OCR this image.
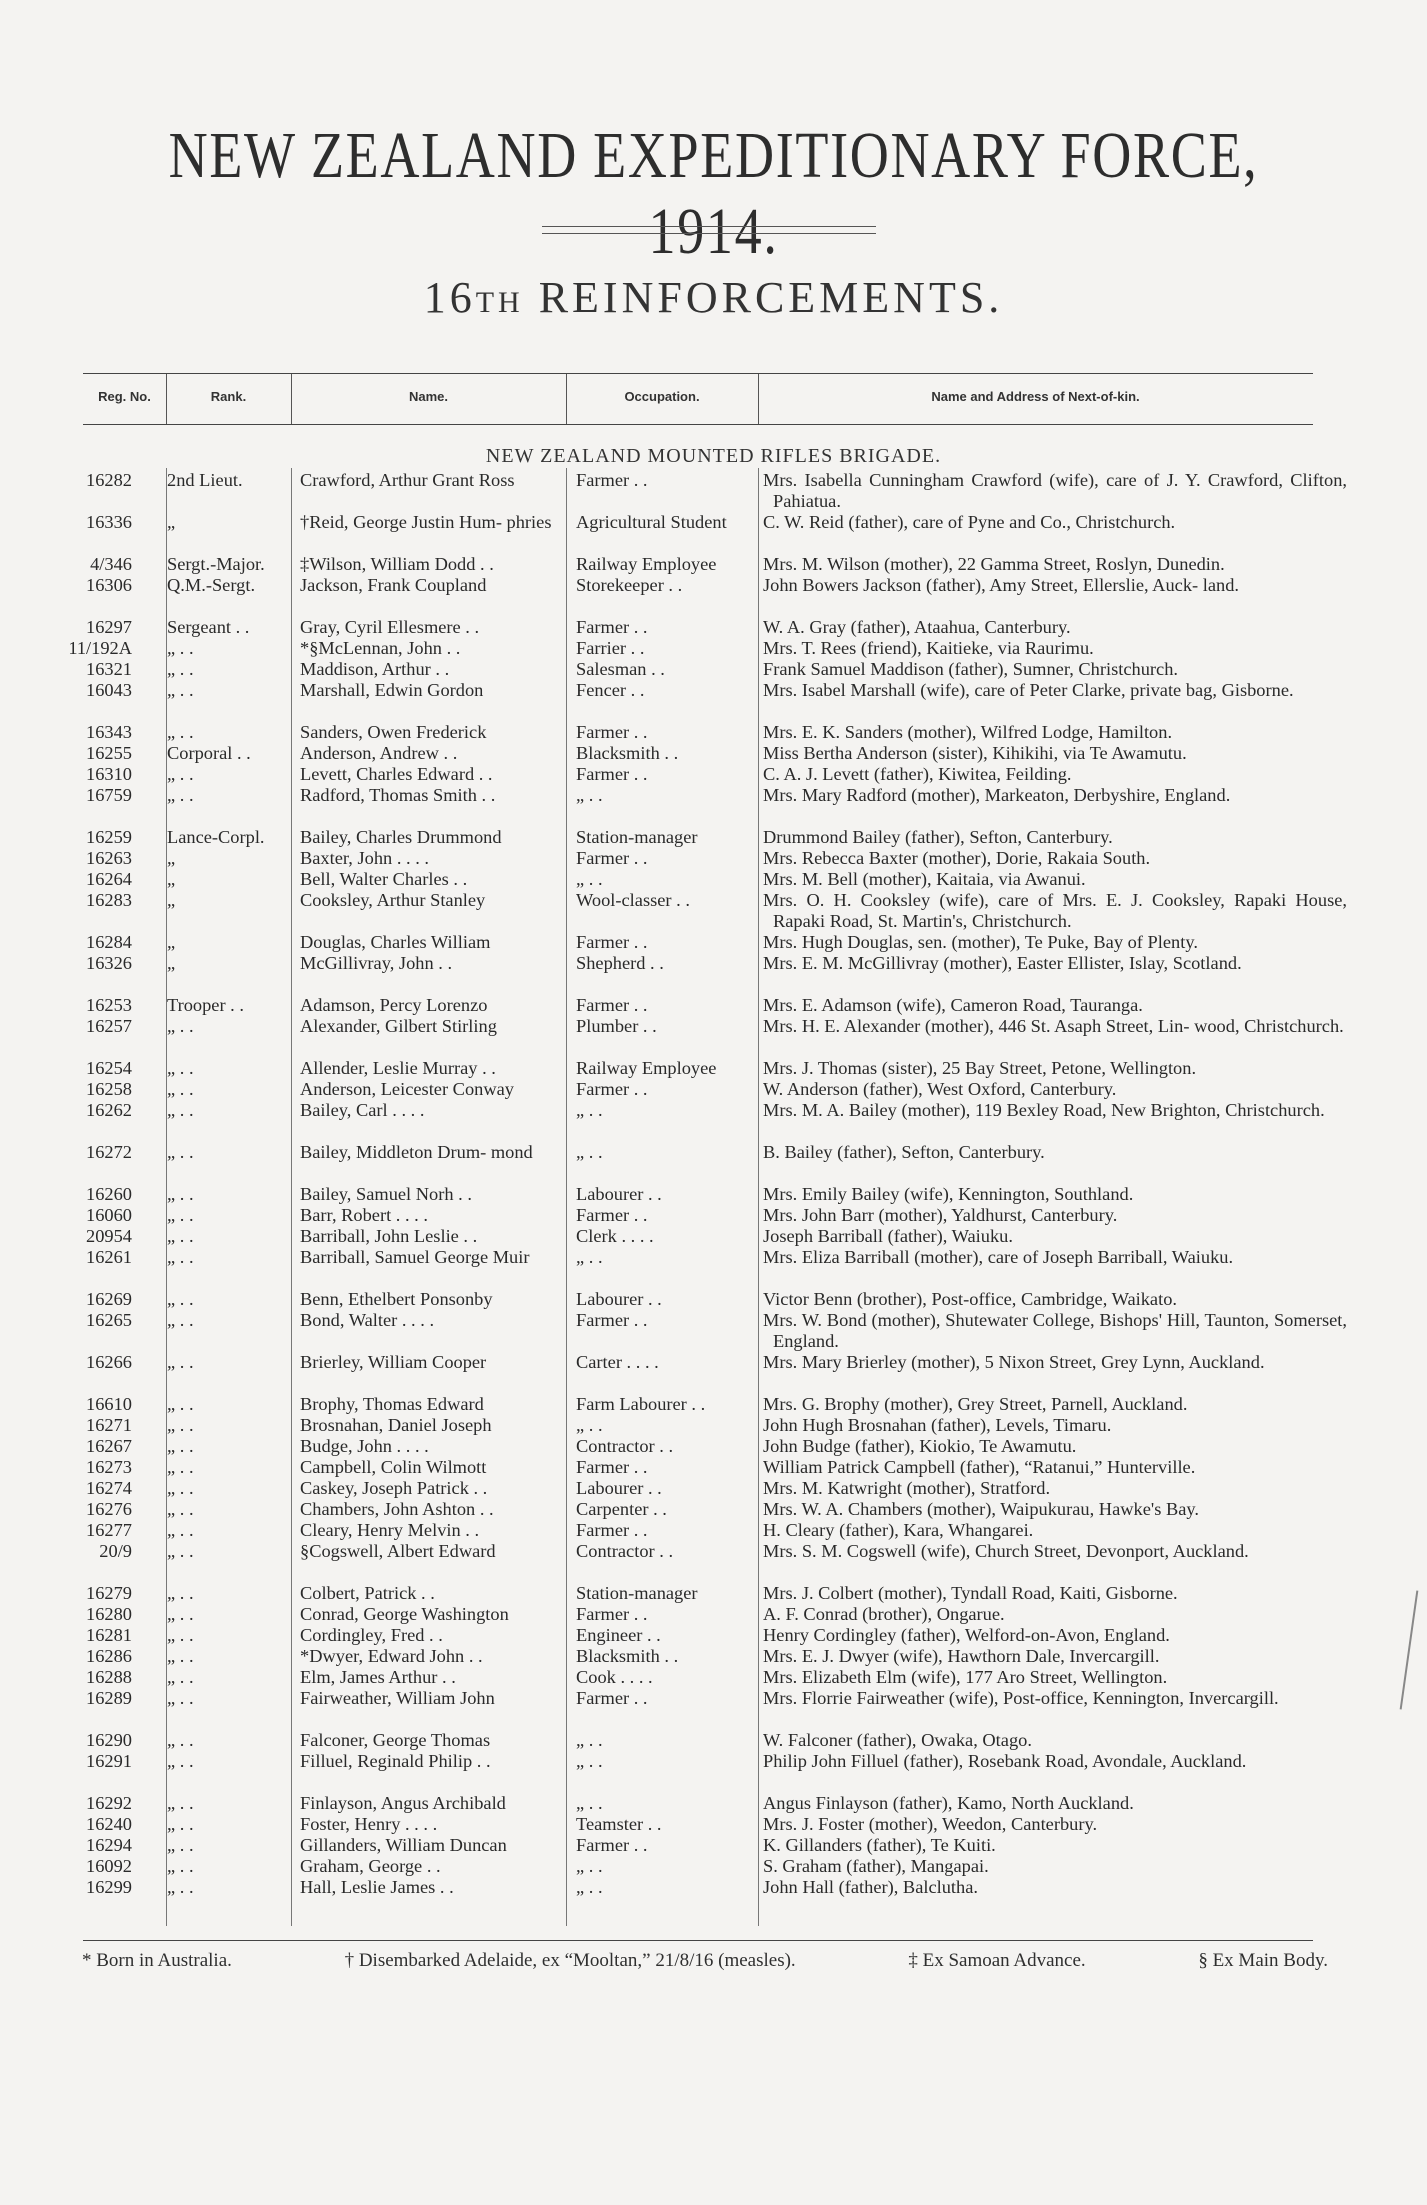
NEW ZEALAND EXPEDITIONARY FORCE, 1914.
16TH REINFORCEMENTS.
Reg. No.	Rank.	Name.	Occupation.	Name and Address of Next-of-kin.
NEW ZEALAND MOUNTED RIFLES BRIGADE.
16282 2nd Lieut.	Crawford, Arthur Grant Ross	Farmer . .	Mrs. Isabella Cunningham Crawford (wife), care of J. Y. Crawford, Clifton, Pahiatua.
16336 „	†Reid, George Justin Hum- phries	Agricultural Student	C. W. Reid (father), care of Pyne and Co., Christchurch.
4/346 Sergt.-Major.	‡Wilson, William Dodd . .	Railway Employee	Mrs. M. Wilson (mother), 22 Gamma Street, Roslyn, Dunedin.
16306 Q.M.-Sergt.	Jackson, Frank Coupland	Storekeeper . .	John Bowers Jackson (father), Amy Street, Ellerslie, Auck- land.
16297 Sergeant . .	Gray, Cyril Ellesmere . .	Farmer . .	W. A. Gray (father), Ataahua, Canterbury.
11/192A „ . .	*§McLennan, John . .	Farrier . .	Mrs. T. Rees (friend), Kaitieke, via Raurimu.
16321 „ . .	Maddison, Arthur . .	Salesman . .	Frank Samuel Maddison (father), Sumner, Christchurch.
16043 „ . .	Marshall, Edwin Gordon	Fencer . .	Mrs. Isabel Marshall (wife), care of Peter Clarke, private bag, Gisborne.
16343 „ . .	Sanders, Owen Frederick	Farmer . .	Mrs. E. K. Sanders (mother), Wilfred Lodge, Hamilton.
16255 Corporal . .	Anderson, Andrew . .	Blacksmith . .	Miss Bertha Anderson (sister), Kihikihi, via Te Awamutu.
16310 „ . .	Levett, Charles Edward . .	Farmer . .	C. A. J. Levett (father), Kiwitea, Feilding.
16759 „ . .	Radford, Thomas Smith . .	„ . .	Mrs. Mary Radford (mother), Markeaton, Derbyshire, England.
16259 Lance-Corpl.	Bailey, Charles Drummond	Station-manager	Drummond Bailey (father), Sefton, Canterbury.
16263 „	Baxter, John . . . .	Farmer . .	Mrs. Rebecca Baxter (mother), Dorie, Rakaia South.
16264 „	Bell, Walter Charles . .	„ . .	Mrs. M. Bell (mother), Kaitaia, via Awanui.
16283 „	Cooksley, Arthur Stanley	Wool-classer . .	Mrs. O. H. Cooksley (wife), care of Mrs. E. J. Cooksley, Rapaki House, Rapaki Road, St. Martin's, Christchurch.
16284 „	Douglas, Charles William	Farmer . .	Mrs. Hugh Douglas, sen. (mother), Te Puke, Bay of Plenty.
16326 „	McGillivray, John . .	Shepherd . .	Mrs. E. M. McGillivray (mother), Easter Ellister, Islay, Scotland.
16253 Trooper . .	Adamson, Percy Lorenzo	Farmer . .	Mrs. E. Adamson (wife), Cameron Road, Tauranga.
16257 „ . .	Alexander, Gilbert Stirling	Plumber . .	Mrs. H. E. Alexander (mother), 446 St. Asaph Street, Lin- wood, Christchurch.
16254 „ . .	Allender, Leslie Murray . .	Railway Employee	Mrs. J. Thomas (sister), 25 Bay Street, Petone, Wellington.
16258 „ . .	Anderson, Leicester Conway	Farmer . .	W. Anderson (father), West Oxford, Canterbury.
16262 „ . .	Bailey, Carl . . . .	„ . .	Mrs. M. A. Bailey (mother), 119 Bexley Road, New Brighton, Christchurch.
16272 „ . .	Bailey, Middleton Drum- mond	„ . .	B. Bailey (father), Sefton, Canterbury.
16260 „ . .	Bailey, Samuel Norh . .	Labourer . .	Mrs. Emily Bailey (wife), Kennington, Southland.
16060 „ . .	Barr, Robert . . . .	Farmer . .	Mrs. John Barr (mother), Yaldhurst, Canterbury.
20954 „ . .	Barriball, John Leslie . .	Clerk . . . .	Joseph Barriball (father), Waiuku.
16261 „ . .	Barriball, Samuel George Muir	„ . .	Mrs. Eliza Barriball (mother), care of Joseph Barriball, Waiuku.
16269 „ . .	Benn, Ethelbert Ponsonby	Labourer . .	Victor Benn (brother), Post-office, Cambridge, Waikato.
16265 „ . .	Bond, Walter . . . .	Farmer . .	Mrs. W. Bond (mother), Shutewater College, Bishops' Hill, Taunton, Somerset, England.
16266 „ . .	Brierley, William Cooper	Carter . . . .	Mrs. Mary Brierley (mother), 5 Nixon Street, Grey Lynn, Auckland.
16610 „ . .	Brophy, Thomas Edward	Farm Labourer . .	Mrs. G. Brophy (mother), Grey Street, Parnell, Auckland.
16271 „ . .	Brosnahan, Daniel Joseph	„ . .	John Hugh Brosnahan (father), Levels, Timaru.
16267 „ . .	Budge, John . . . .	Contractor . .	John Budge (father), Kiokio, Te Awamutu.
16273 „ . .	Campbell, Colin Wilmott	Farmer . .	William Patrick Campbell (father), “Ratanui,” Hunterville.
16274 „ . .	Caskey, Joseph Patrick . .	Labourer . .	Mrs. M. Katwright (mother), Stratford.
16276 „ . .	Chambers, John Ashton . .	Carpenter . .	Mrs. W. A. Chambers (mother), Waipukurau, Hawke's Bay.
16277 „ . .	Cleary, Henry Melvin . .	Farmer . .	H. Cleary (father), Kara, Whangarei.
20/9 „ . .	§Cogswell, Albert Edward	Contractor . .	Mrs. S. M. Cogswell (wife), Church Street, Devonport, Auckland.
16279 „ . .	Colbert, Patrick . .	Station-manager	Mrs. J. Colbert (mother), Tyndall Road, Kaiti, Gisborne.
16280 „ . .	Conrad, George Washington	Farmer . .	A. F. Conrad (brother), Ongarue.
16281 „ . .	Cordingley, Fred . .	Engineer . .	Henry Cordingley (father), Welford-on-Avon, England.
16286 „ . .	*Dwyer, Edward John . .	Blacksmith . .	Mrs. E. J. Dwyer (wife), Hawthorn Dale, Invercargill.
16288 „ . .	Elm, James Arthur . .	Cook . . . .	Mrs. Elizabeth Elm (wife), 177 Aro Street, Wellington.
16289 „ . .	Fairweather, William John	Farmer . .	Mrs. Florrie Fairweather (wife), Post-office, Kennington, Invercargill.
16290 „ . .	Falconer, George Thomas	„ . .	W. Falconer (father), Owaka, Otago.
16291 „ . .	Filluel, Reginald Philip . .	„ . .	Philip John Filluel (father), Rosebank Road, Avondale, Auckland.
16292 „ . .	Finlayson, Angus Archibald	„ . .	Angus Finlayson (father), Kamo, North Auckland.
16240 „ . .	Foster, Henry . . . .	Teamster . .	Mrs. J. Foster (mother), Weedon, Canterbury.
16294 „ . .	Gillanders, William Duncan	Farmer . .	K. Gillanders (father), Te Kuiti.
16092 „ . .	Graham, George . .	„ . .	S. Graham (father), Mangapai.
16299 „ . .	Hall, Leslie James . .	„ . .	John Hall (father), Balclutha.
* Born in Australia.	† Disembarked Adelaide, ex “Mooltan,” 21/8/16 (measles).	‡ Ex Samoan Advance.	§ Ex Main Body.
